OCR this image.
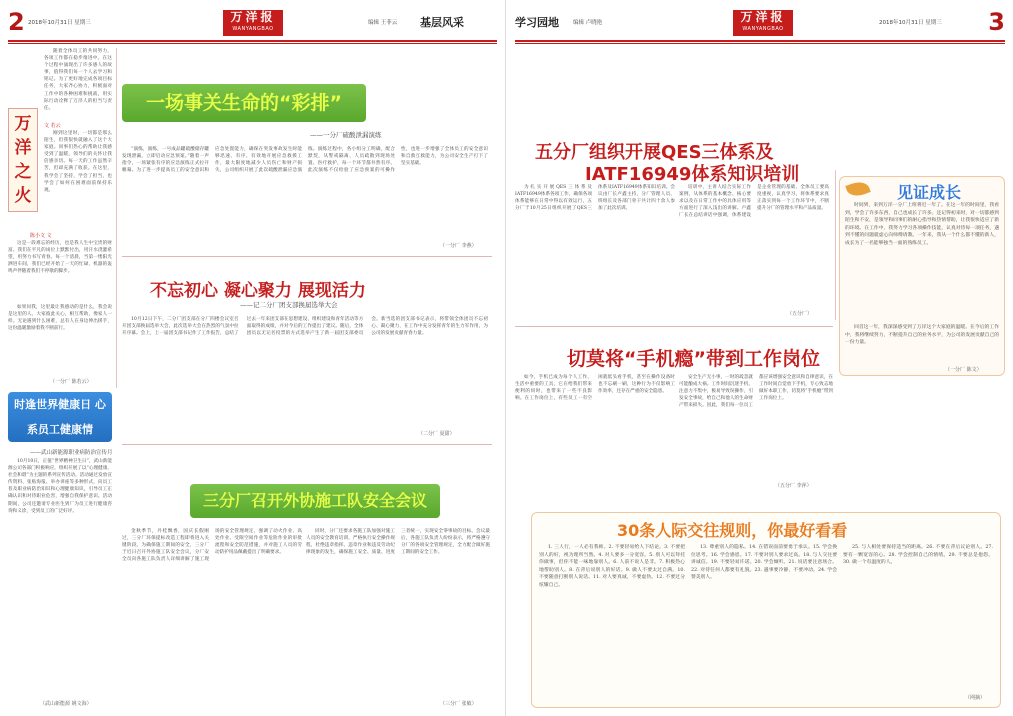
2 2018年10月31日 星期三	万洋报
WANYANGBAO
编辑 王菲云 基层风采

随着全体员工的共同努力，各项工作都在稳步推进中。在这个过程中涌现出了许多感人的故事，值得我们每一个人去学习和铭记。为了更好地完成各项目标任务，大家齐心协力，积极面对工作中的各种困难和挑战，用实际行动诠释了万洋人的担当与责任。

万
洋
之
火
文 若云

刚到这里时，一切都是那么陌生，但我很快就融入了这个大家庭。同事们热心的帮助让我感受到了温暖，领导们的关怀让我倍感亲切。每一天的工作虽然辛苦，但却充满了收获。在这里，我学会了坚持，学会了担当，也学会了如何在困难面前保持乐观。

陈小文 文

这是一段难忘的经历，也是我人生中宝贵的财富。我们在平凡的岗位上默默付出，用汗水浇灌希望，用努力书写青春。每一个清晨，当第一缕阳光洒进车间，我们已经开始了一天的忙碌，机器的轰鸣声伴随着我们不停歇的脚步。

如果问我，这里最让我感动的是什么，我会说是这里的人。大家彼此关心，相互帮助，像家人一样。无论遇到什么困难，总有人在身边伸出援手，这份温暖激励着我不断前行。

（一分厂 陈若云）
一场事关生命的“彩排”
——一分厂硫酸泄漏演练

“演练，演练，一号成品罐硫酸储存罐发现泄漏，立即启动应急预案。”随着一声指令，一场紧张有序的应急演练正式拉开帷幕。为了进一步提高员工的安全意识和应急处置能力，确保在突发事故发生时能够迅速、有序、有效地开展应急救援工作，最大限度地减少人员伤亡和财产损失，公司组织开展了此次硫酸泄漏应急演练。演练过程中，各小组分工明确，配合默契，从警戒隔离、人员疏散到现场处置、医疗救护，每一个环节都井然有序。此次演练不仅检验了应急预案的可操作性，也进一步增强了全体员工的安全意识和自救互救能力，为公司安全生产打下了坚实基础。

（一分厂 李燕）
不忘初心 凝心聚力 展现活力
——记二分厂团支部换届选举大会

10月12日下午，二分厂团支部在分厂四楼会议室召开团支部换届选举大会，此次选举大会在热烈的气氛中拉开序幕。会上，上一届团支部书记作了工作报告，总结了过去一年来团支部在思想建设、组织建设和青年活动等方面取得的成绩，并对今后的工作提出了建议。随后，全体团员以无记名投票的方式选举产生了新一届团支部委员会。新当选的团支部书记表示，将带领全体团员不忘初心、凝心聚力，在工作中充分发挥青年的生力军作用，为公司的发展贡献青春力量。

（二分厂 夏甜）
时逢世界健康日 心系员工健康情
——武山新能源职业病防治宣传月

10月10日，正值“世界精神卫生日”，武山新能源公司各部门积极响应，组织开展了以“心理健康、社会和谐”为主题的系列宣传活动。活动通过发放宣传资料、张贴海报、举办讲座等多种形式，向员工普及职业病防治知识和心理健康知识，引导员工正确认识和对待职业危害，增强自我保护意识。活动期间，公司还邀请专业医生到厂为员工进行健康咨询和义诊，受到员工的广泛好评。

（武山新能源 姚文海）
三分厂召开外协施工队安全会议

金秋季节，丹桂飘香，国庆长假刚过，三分厂环保提标改造工程即将进入关键阶段。为确保施工期间的安全，三分厂于近日召开外协施工队安全会议，分厂安全员向各施工队负责人详细讲解了施工现场的安全管理规定，强调了动火作业、高处作业、受限空间作业等危险作业的审批流程和安全防范措施，并对施工人员的劳动防护用品佩戴提出了明确要求。

同时，分厂还要求各施工队加强对施工人员的安全教育培训，严格执行安全操作规程，杜绝违章指挥、违章作业和违反劳动纪律现象的发生，确保施工安全、质量、进度三者统一，实现安全零事故的目标。会议最后，各施工队负责人纷纷表示，将严格遵守分厂的各项安全管理规定，全力配合做好施工期间的安全工作。

（三分厂 张敏）
学习园地	编辑 卢晓艳	万洋报
WANYANGBAO
2018年10月31日 星期三 3
五分厂组织开展QES三体系及
IATF16949体系知识培训

为扎实开展QES三体系及IATF16949体系各项工作，确保各项体系能够在日常中得以有效运行，五分厂于10月25日组织开展了QES三体系及IATF16949体系知识培训。会议由厂长卢鑫主持，分厂管理人员、班组长及各部门骨干共计四十余人参加了此次培训。

培训中，主讲人结合实际工作案例，从体系的基本概念、核心要求以及在日常工作中的具体应用等方面进行了深入浅出的讲解。卢鑫厂长在总结讲话中强调，体系建设是企业管理的基础，全体员工要高度重视，认真学习，将体系要求真正落实到每一个工作环节中，不断提升分厂的管理水平和产品质量。

（五分厂）
见证成长

时间到，来到万洋一分厂上班将近一年了。在这一年的时间里，我看到，学会了许多东西，自己也成长了许多。还记得初来时，对一切都感到陌生和不安，是领导和同事们的耐心指导和热情帮助，让我很快适应了新的环境。在工作中，我努力学习各项操作技能，认真对待每一项任务，遇到不懂的问题就虚心向师傅请教。一年来，我从一个什么都不懂的新人，成长为了一名能够独当一面的熟练员工。

回首这一年，我深深感受到了万洋这个大家庭的温暖。在今后的工作中，我将继续努力，不断提升自己的业务水平，为公司的发展贡献自己的一份力量。

（一分厂 陈文）
切莫将“手机瘾”带到工作岗位

如今，手机已成为每个人工作、生活中重要的工具，它在给我们带来便利的同时，也带来了一些不良影响。在工作岗位上，有些员工一有空闲就低头看手机，甚至在操作设备时也不忘刷一刷，这种行为不仅影响工作效率，还存在严重的安全隐患。

安全生产无小事，一时的疏忽就可能酿成大祸。工作时间沉迷手机，注意力不集中，极易导致误操作，引发安全事故，给自己和他人的生命财产带来损失。因此，我们每一位员工都应该增强安全意识和自律意识，在工作时间自觉放下手机，专心致志地做好本职工作，切莫将“手机瘾”带到工作岗位上。

（五分厂 李萍）
30条人际交往规则，你最好看看

1. 三人行，一人必有我师。2. 不要轻易给人下结论。3. 不要把别人的好，视为理所当然。4. 对人要多一分宽容。5. 别人可以拜托你做事，但你不能一味地靠别人。6. 人前不说人是非。7. 积极热心地帮助别人。8. 在背后说别人的好话。9. 做人不要太过自满。10. 不要随意打断别人说话。11. 对人要真诚，不要虚伪。12. 不要过分炫耀自己。

13. 尊重别人的隐私。14. 在错误面前要勇于承认。15. 学会换位思考。16. 学会感恩。17. 不要对别人要求过高。18. 与人交往要讲诚信。19. 不要轻易许诺。20. 学会倾听。21. 说话要注意场合。22. 对待任何人都要有礼貌。23. 遇事要冷静，不要冲动。24. 学会赞美别人。

25. 与人相处要保持适当的距离。26. 不要在背后议论别人。27. 要有一颗宽容的心。28. 学会控制自己的情绪。29. 不要总是抱怨。30. 做一个有温度的人。

（网摘）
